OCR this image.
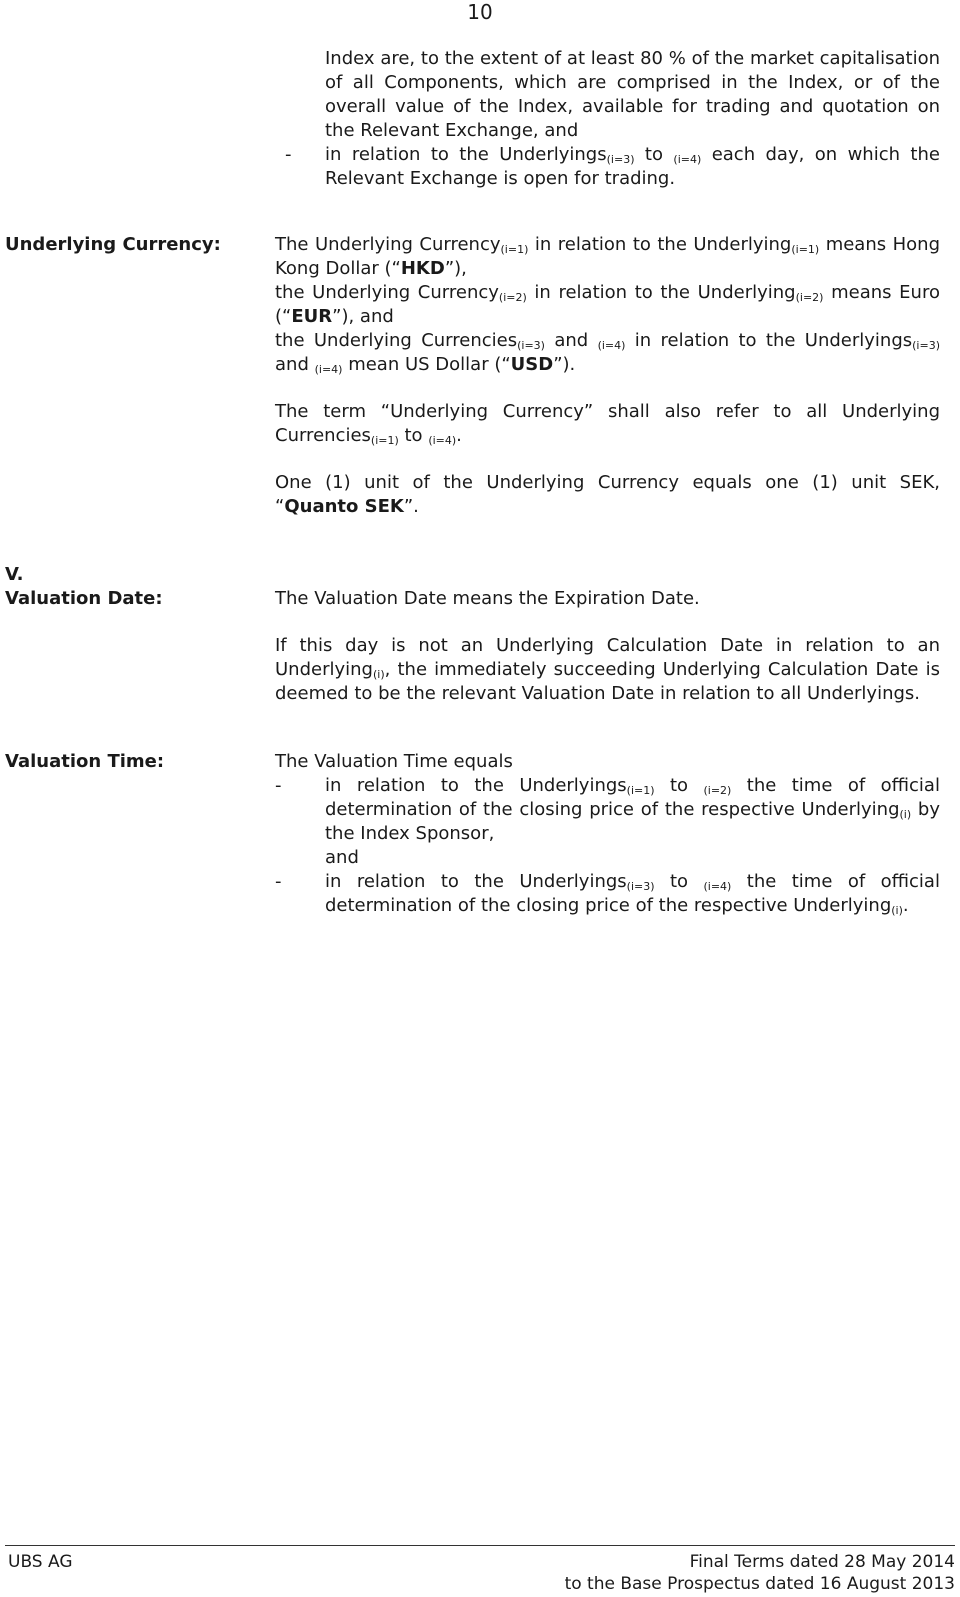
10
Index are, to the extent of at least 80 % of the market capitalisation of all Components, which are comprised in the Index, or of the overall value of the Index, available for trading and quotation on the Relevant Exchange, and
- in relation to the Underlyings$_{(i=3)}$ to $_{(i=4)}$ each day, on which the Relevant Exchange is open for trading.
Underlying Currency:	The Underlying Currency$_{(i=1)}$ in relation to the Underlying$_{(i=1)}$ means Hong Kong Dollar (“HKD”),
the Underlying Currency$_{(i=2)}$ in relation to the Underlying$_{(i=2)}$ means Euro (“EUR”), and
the Underlying Currencies$_{(i=3)}$ and $_{(i=4)}$ in relation to the Underlyings$_{(i=3)}$ and $_{(i=4)}$ mean US Dollar (“USD”).
The term “Underlying Currency” shall also refer to all Underlying Currencies$_{(i=1)}$ to $_{(i=4)}$.
One (1) unit of the Underlying Currency equals one (1) unit SEK, “Quanto SEK”.
V.
Valuation Date:	The Valuation Date means the Expiration Date.
If this day is not an Underlying Calculation Date in relation to an Underlying$_{(i)}$, the immediately succeeding Underlying Calculation Date is deemed to be the relevant Valuation Date in relation to all Underlyings.
Valuation Time:	The Valuation Time equals
- in relation to the Underlyings$_{(i=1)}$ to $_{(i=2)}$ the time of official determination of the closing price of the respective Underlying$_{(i)}$ by the Index Sponsor,
and
- in relation to the Underlyings$_{(i=3)}$ to $_{(i=4)}$ the time of official determination of the closing price of the respective Underlying$_{(i)}$.
UBS AG	Final Terms dated 28 May 2014
to the Base Prospectus dated 16 August 2013
